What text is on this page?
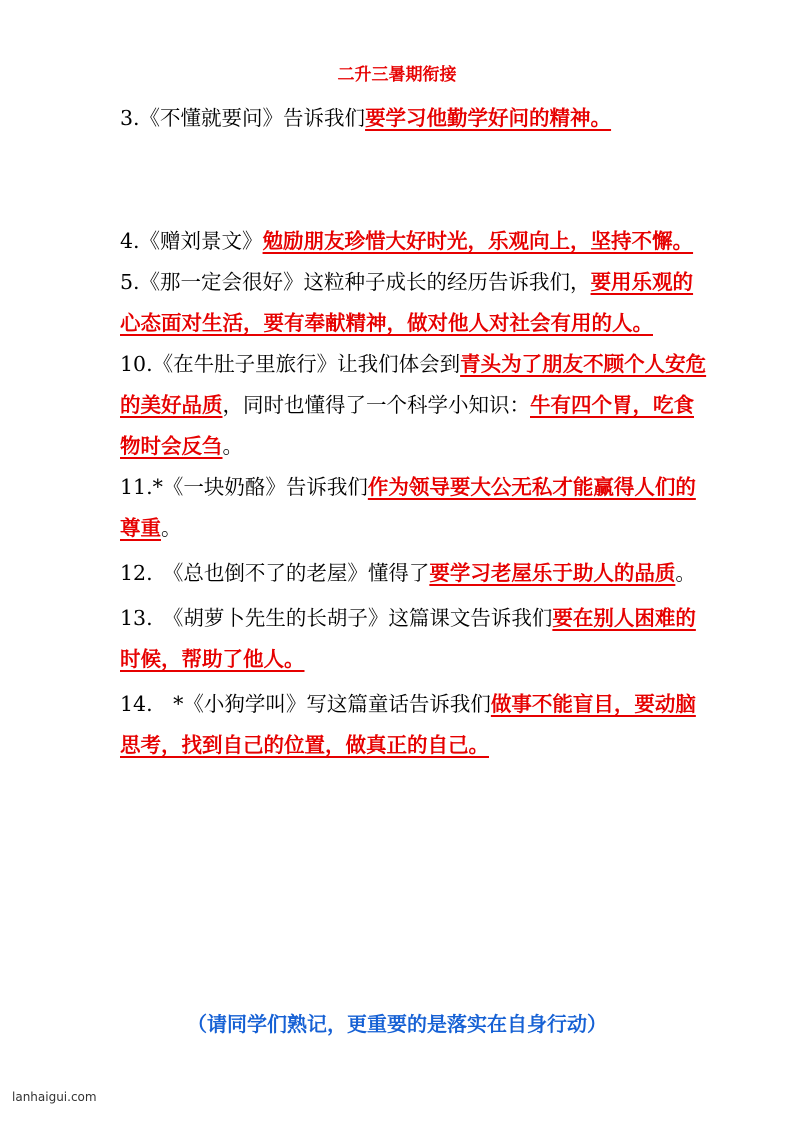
二升三暑期衔接

3.《不懂就要问》告诉我们要学习他勤学好问的精神。

4.《赠刘景文》勉励朋友珍惜大好时光，乐观向上，坚持不懈。

5.《那一定会很好》这粒种子成长的经历告诉我们，要用乐观的心态面对生活，要有奉献精神，做对他人对社会有用的人。

10.《在牛肚子里旅行》让我们体会到青头为了朋友不顾个人安危的美好品质，同时也懂得了一个科学小知识：牛有四个胃，吃食物时会反刍。

11.*《一块奶酪》告诉我们作为领导要大公无私才能赢得人们的尊重。

12.　《总也倒不了的老屋》懂得了要学习老屋乐于助人的品质。

13.　《胡萝卜先生的长胡子》这篇课文告诉我们要在别人困难的时候，帮助了他人。

14.　*《小狗学叫》写这篇童话告诉我们做事不能盲目，要动脑思考，找到自己的位置，做真正的自己。

（请同学们熟记，更重要的是落实在自身行动）
lanhaigui.com
